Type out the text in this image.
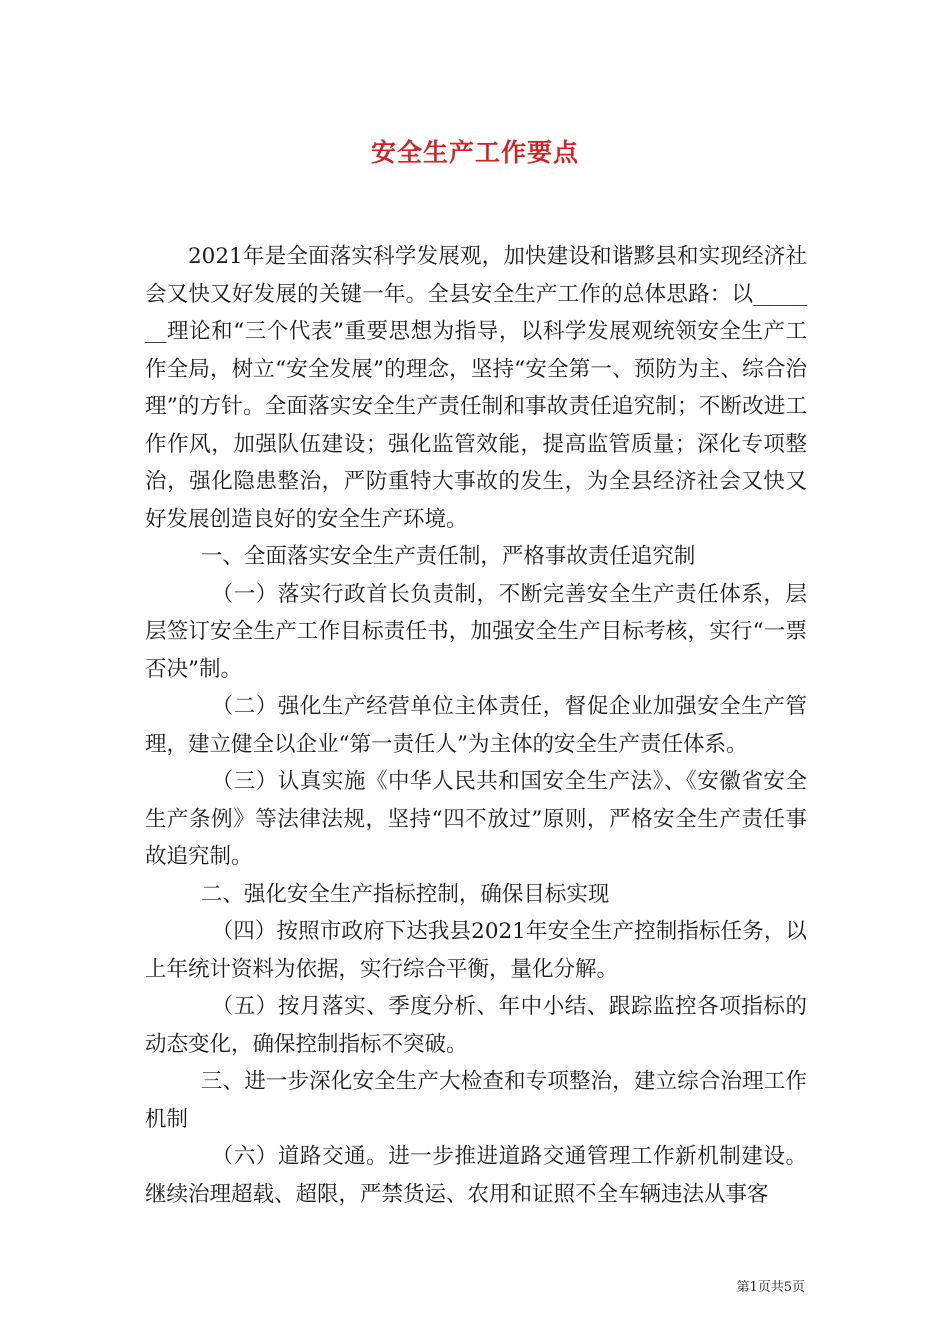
安全生产工作要点

2021年是全面落实科学发展观，加快建设和谐黟县和实现经济社会又快又好发展的关键一年。全县安全生产工作的总体思路：以_______理论和“三个代表”重要思想为指导，以科学发展观统领安全生产工作全局，树立“安全发展”的理念，坚持“安全第一、预防为主、综合治理”的方针。全面落实安全生产责任制和事故责任追究制；不断改进工作作风，加强队伍建设；强化监管效能，提高监管质量；深化专项整治，强化隐患整治，严防重特大事故的发生，为全县经济社会又快又好发展创造良好的安全生产环境。

一、全面落实安全生产责任制，严格事故责任追究制

（一）落实行政首长负责制，不断完善安全生产责任体系，层层签订安全生产工作目标责任书，加强安全生产目标考核，实行“一票否决”制。

（二）强化生产经营单位主体责任，督促企业加强安全生产管理，建立健全以企业“第一责任人”为主体的安全生产责任体系。

（三）认真实施《中华人民共和国安全生产法》、《安徽省安全生产条例》等法律法规，坚持“四不放过”原则，严格安全生产责任事故追究制。

二、强化安全生产指标控制，确保目标实现

（四）按照市政府下达我县2021年安全生产控制指标任务，以上年统计资料为依据，实行综合平衡，量化分解。

（五）按月落实、季度分析、年中小结、跟踪监控各项指标的动态变化，确保控制指标不突破。

三、进一步深化安全生产大检查和专项整治，建立综合治理工作机制

（六）道路交通。进一步推进道路交通管理工作新机制建设。继续治理超载、超限，严禁货运、农用和证照不全车辆违法从事客

第1页共5页
